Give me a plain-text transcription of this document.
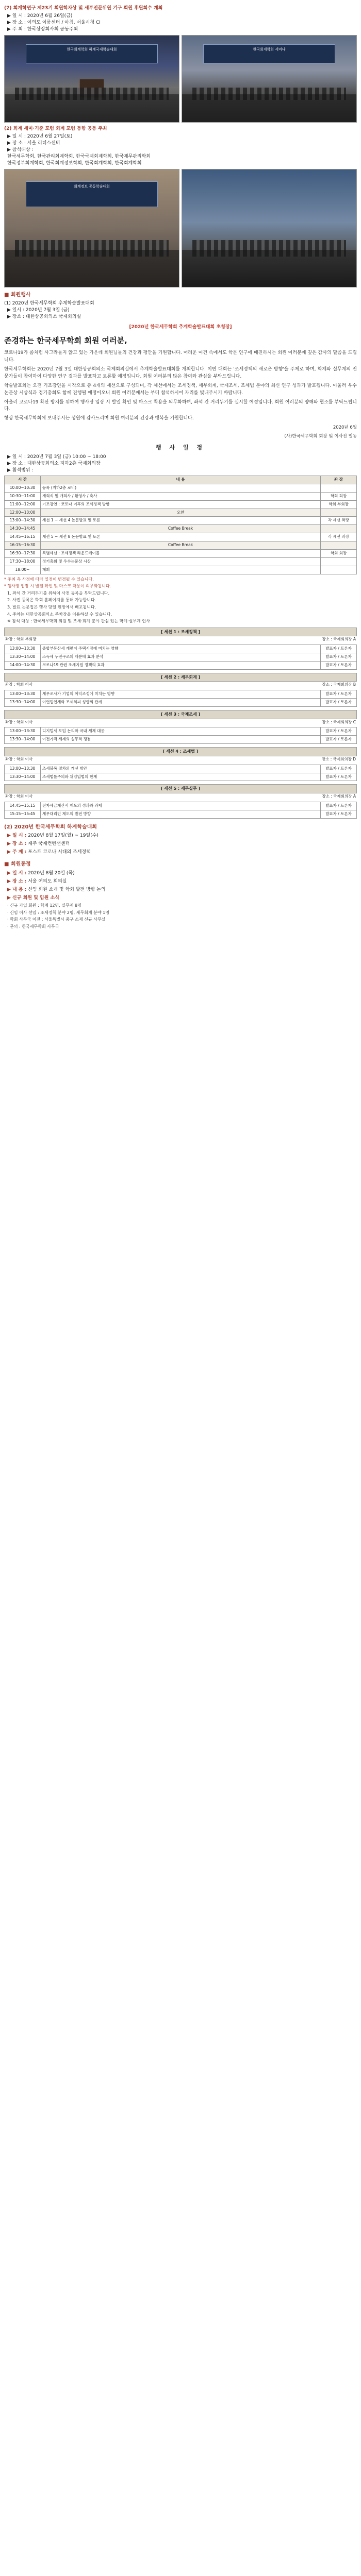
(7) 회계학연구 제23기 회원학자상 및 세부전문위원 기구 회원 후원회수 개최
▶ 일 시 : 2020년 6월 26일(금)
▶ 장 소 : 여의도 이룸센터 / 아침, 서울시청 CI
▶ 주 최 : 한국상장회사회 공동주최
한국회계학회 하계국제학술대회	한국회계학회 세미나
(2) 회계 세미·기준 포럼 회계 포럼 동향 공동 주최
▶ 일 시 : 2020년 6월 27일(토)
▶ 장 소 : 서울 리더스센터
▶ 참석대상 :
한국세무학회, 한국관리회계학회, 한국국제회계학회, 한국재무관리학회
한국정부회계학회, 한국회계정보학회, 한국회계학회, 한국회계학회
회계정보 공동학술대회
■ 회원행사
(1) 2020년 한국세무학회 추계학술발표대회
▶ 일시 : 2020년 7월 3일 (금)
▶ 장소 : 대한상공회의소 국제회의실
[2020년 한국세무학회 추계학술발표대회 초청장]
존경하는 한국세무학회 회원 여러분,

코로나19가 좀처럼 사그라들지 않고 있는 가운데 회원님들의 건강과 평안을 기원합니다. 어려운 여건 속에서도 학문 연구에 매진하시는 회원 여러분께 깊은 감사의 말씀을 드립니다.

한국세무학회는 2020년 7월 3일 대한상공회의소 국제회의실에서 추계학술발표대회를 개최합니다. 이번 대회는 '조세정책의 새로운 방향'을 주제로 하며, 학계와 실무계의 전문가들이 참여하여 다양한 연구 결과를 발표하고 토론할 예정입니다. 회원 여러분의 많은 참여와 관심을 부탁드립니다.

학술발표회는 오전 기조강연을 시작으로 총 4개의 세션으로 구성되며, 각 세션에서는 조세정책, 세무회계, 국제조세, 조세법 분야의 최신 연구 성과가 발표됩니다. 아울러 우수논문상 시상식과 정기총회도 함께 진행될 예정이오니 회원 여러분께서는 부디 참석하시어 자리를 빛내주시기 바랍니다.

아울러 코로나19 확산 방지를 위하여 행사장 입장 시 발열 확인 및 마스크 착용을 의무화하며, 좌석 간 거리두기를 실시할 예정입니다. 회원 여러분의 양해와 협조를 부탁드립니다.

항상 한국세무학회에 보내주시는 성원에 감사드리며 회원 여러분의 건강과 행복을 기원합니다.

2020년 6월
(사)한국세무학회 회장 및 이사진 일동
행 사 일 정
▶ 일 시 : 2020년 7월 3일 (금) 10:00 ~ 18:00
▶ 장 소 : 대한상공회의소 지하2층 국제회의장
▶ 참석범위 :
시 간	내 용	좌 장
10:00~10:30	등록 (지하2층 로비)	
10:30~11:00	개회식 및 개회사 / 환영사 / 축사	학회 회장
11:00~12:00	기조강연 : 코로나 이후의 조세정책 방향	학회 부회장
12:00~13:00	오찬	
13:00~14:30	세션 1 ~ 세션 4 논문발표 및 토론	각 세션 좌장
14:30~14:45	Coffee Break	
14:45~16:15	세션 5 ~ 세션 8 논문발표 및 토론	각 세션 좌장
16:15~16:30	Coffee Break	
16:30~17:30	특별세션 : 조세정책 라운드테이블	학회 회장
17:30~18:00	정기총회 및 우수논문상 시상	
18:00~	폐회	
* 주최 측 사정에 따라 일정이 변경될 수 있습니다.
* 행사장 입장 시 발열 확인 및 마스크 착용이 의무화됩니다.
1. 좌석 간 거리두기를 위하여 사전 등록을 부탁드립니다.
2. 사전 등록은 학회 홈페이지를 통해 가능합니다.
3. 발표 논문집은 행사 당일 현장에서 배포됩니다.
4. 주차는 대한상공회의소 주차장을 이용하실 수 있습니다.
※ 참석 대상 : 한국세무학회 회원 및 조세·회계 분야 관심 있는 학계·실무계 인사
[ 세션 1 : 조세정책 ]
좌장 : 학회 부회장	장소 : 국제회의장 A
13:00~13:30	종합부동산세 개편이 주택시장에 미치는 영향	발표자 / 토론자
13:30~14:00	소득세 누진구조의 재분배 효과 분석	발표자 / 토론자
14:00~14:30	코로나19 관련 조세지원 정책의 효과	발표자 / 토론자
[ 세션 2 : 세무회계 ]
좌장 : 학회 이사	장소 : 국제회의장 B
13:00~13:30	세무조사가 기업의 이익조정에 미치는 영향	발표자 / 토론자
13:30~14:00	이연법인세와 조세회피 성향의 관계	발표자 / 토론자
[ 세션 3 : 국제조세 ]
좌장 : 학회 이사	장소 : 국제회의장 C
13:00~13:30	디지털세 도입 논의와 국내 세제 대응	발표자 / 토론자
13:30~14:00	이전가격 세제의 실무적 쟁점	발표자 / 토론자
[ 세션 4 : 조세법 ]
좌장 : 학회 이사	장소 : 국제회의장 D
13:00~13:30	조세불복 절차의 개선 방안	발표자 / 토론자
13:30~14:00	조세법률주의와 위임입법의 한계	발표자 / 토론자
[ 세션 5 : 세무실무 ]
좌장 : 학회 이사	장소 : 국제회의장 A
14:45~15:15	전자세금계산서 제도의 성과와 과제	발표자 / 토론자
15:15~15:45	세무대리인 제도의 발전 방향	발표자 / 토론자
(2) 2020년 한국세무학회 하계학술대회
▶ 일 시 : 2020년 8월 17일(월) ~ 19일(수)
▶ 장 소 : 제주 국제컨벤션센터
▶ 주 제 : 포스트 코로나 시대의 조세정책
■ 회원동정
▶ 일 시 : 2020년 8월 20일 (목)
▶ 장 소 : 서울 여의도 회의실
▶ 내 용 : 신임 회원 소개 및 학회 발전 방향 논의
▶ 신규 회원 및 임원 소식
· 신규 가입 회원 : 학계 12명, 실무계 8명
· 신임 이사 선임 : 조세정책 분야 2명, 세무회계 분야 1명
· 학회 사무국 이전 : 서울특별시 중구 소재 신규 사무실
· 문의 : 한국세무학회 사무국
